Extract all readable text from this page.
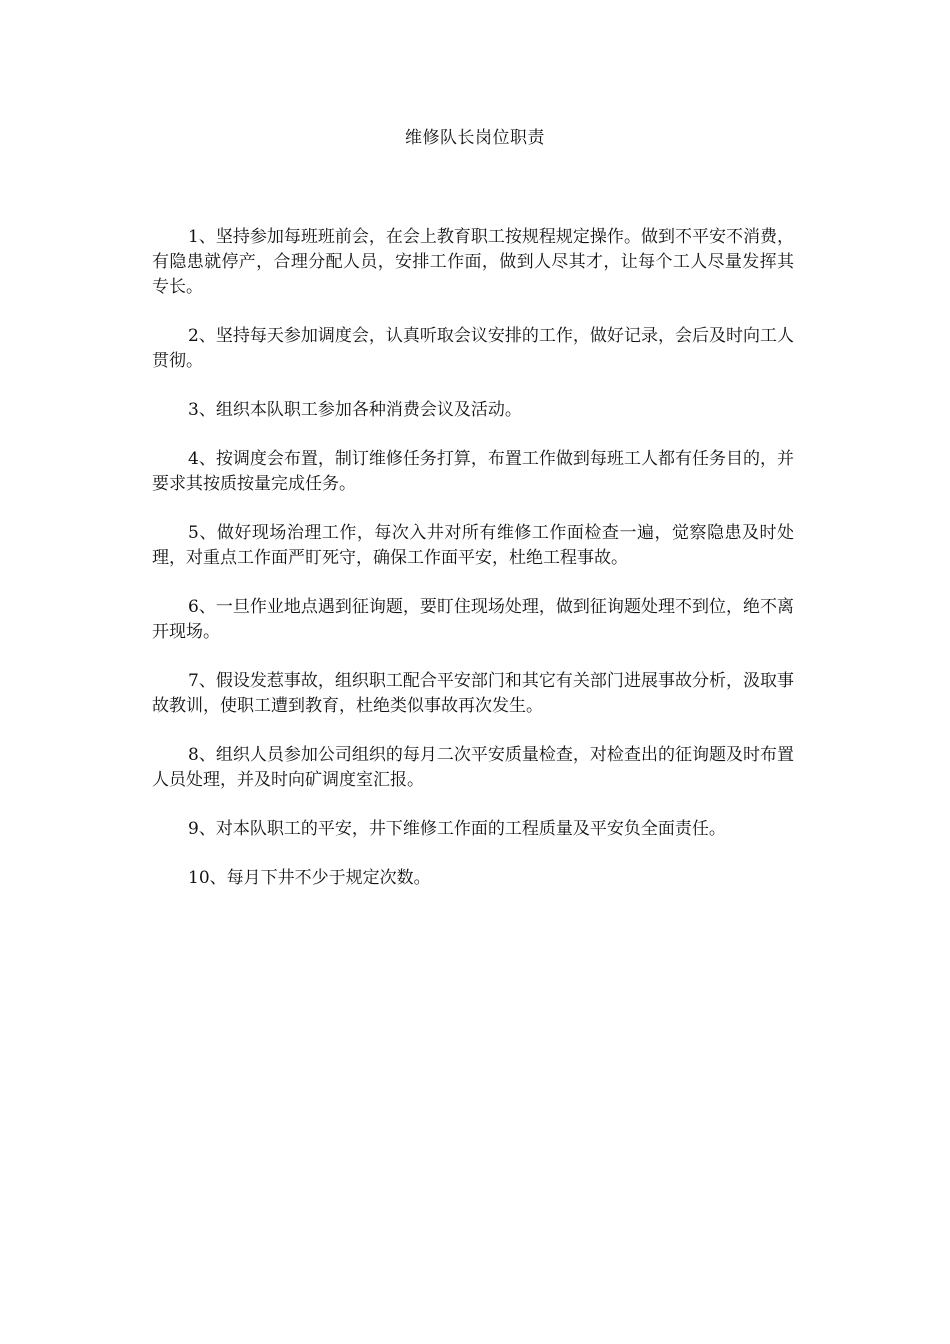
维修队长岗位职责

1、坚持参加每班班前会，在会上教育职工按规程规定操作。做到不平安不消费，有隐患就停产，合理分配人员，安排工作面，做到人尽其才，让每个工人尽量发挥其专长。

2、坚持每天参加调度会，认真听取会议安排的工作，做好记录，会后及时向工人贯彻。

3、组织本队职工参加各种消费会议及活动。

4、按调度会布置，制订维修任务打算，布置工作做到每班工人都有任务目的，并要求其按质按量完成任务。

5、做好现场治理工作，每次入井对所有维修工作面检查一遍，觉察隐患及时处理，对重点工作面严盯死守，确保工作面平安，杜绝工程事故。

6、一旦作业地点遇到征询题，要盯住现场处理，做到征询题处理不到位，绝不离开现场。

7、假设发惹事故，组织职工配合平安部门和其它有关部门进展事故分析，汲取事故教训，使职工遭到教育，杜绝类似事故再次发生。

8、组织人员参加公司组织的每月二次平安质量检查，对检查出的征询题及时布置人员处理，并及时向矿调度室汇报。

9、对本队职工的平安，井下维修工作面的工程质量及平安负全面责任。

10、每月下井不少于规定次数。
